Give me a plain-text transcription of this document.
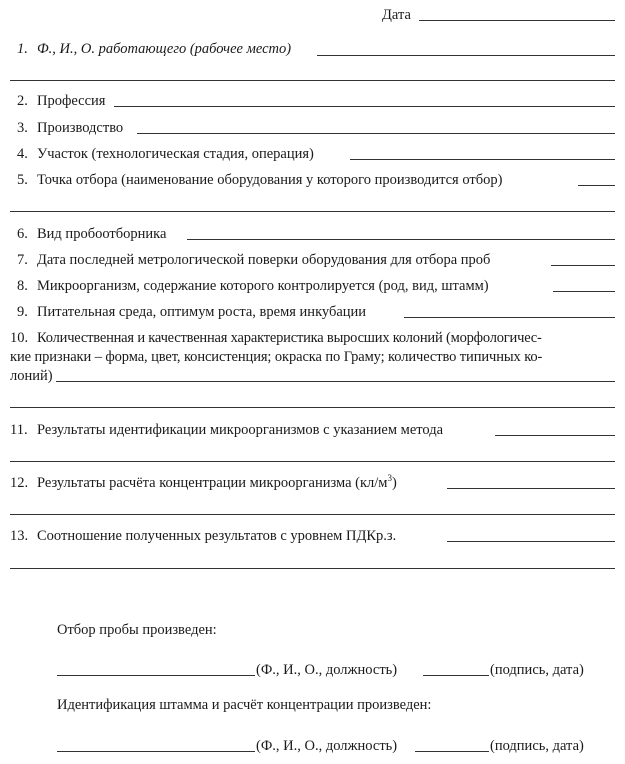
Дата
1. Ф., И., О. работающего (рабочее место)
2. Профессия
3. Производство
4. Участок (технологическая стадия, операция)
5. Точка отбора (наименование оборудования у которого производится отбор)
6. Вид пробоотборника
7. Дата последней метрологической поверки оборудования для отбора проб
8. Микроорганизм, содержание которого контролируется (род, вид, штамм)
9. Питательная среда, оптимум роста, время инкубации
10. Количественная и качественная характеристика выросших колоний (морфологичес-
кие признаки – форма, цвет, консистенция; окраска по Граму; количество типичных ко-
лоний)
11. Результаты идентификации микроорганизмов с указанием метода
12. Результаты расчёта концентрации микроорганизма $(кл/м^3)$
13. Соотношение полученных результатов с уровнем ПДКр.з.
Отбор пробы произведен:
(Ф., И., О., должность)	(подпись, дата)
Идентификация штамма и расчёт концентрации произведен:
(Ф., И., О., должность)	(подпись, дата)
